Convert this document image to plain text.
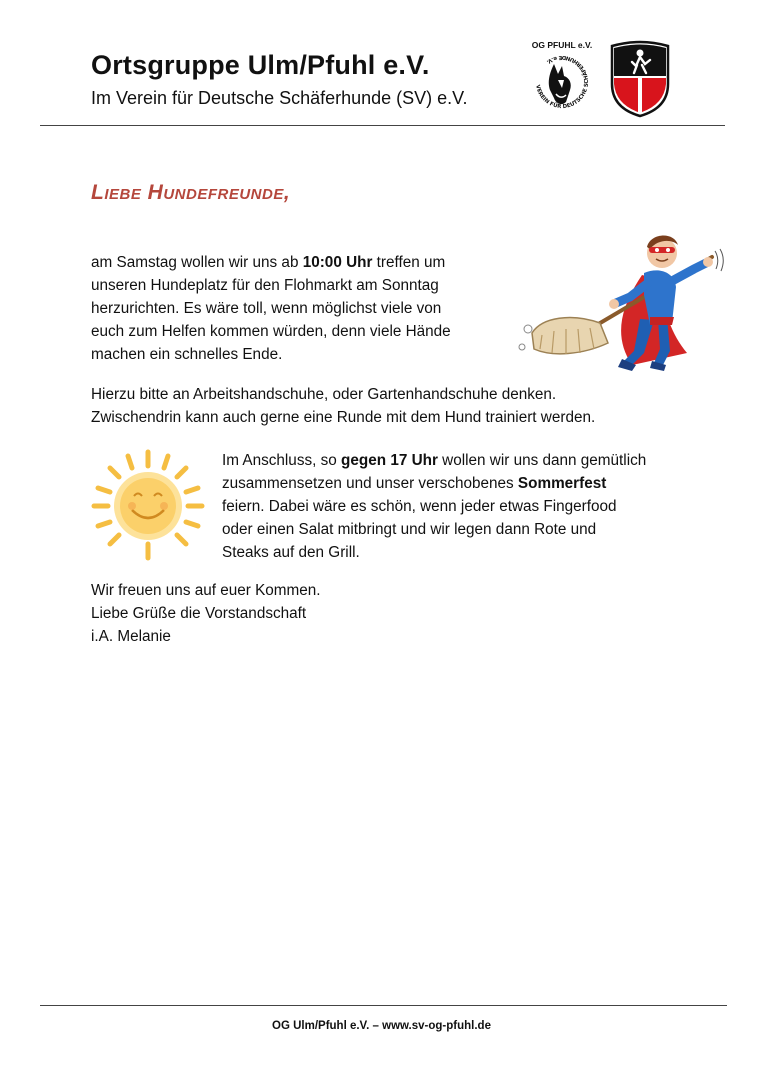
Ortsgruppe Ulm/Pfuhl e.V.
Im Verein für Deutsche Schäferhunde (SV) e.V.
OG PFUHL e.V.
VEREIN FÜR DEUTSCHE SCHÄFERHUNDE e.V.
Liebe Hundefreunde,
am Samstag wollen wir uns ab 10:00 Uhr treffen um
unseren Hundeplatz für den Flohmarkt am Sonntag
herzurichten. Es wäre toll, wenn möglichst viele von
euch zum Helfen kommen würden, denn viele Hände
machen ein schnelles Ende.
Hierzu bitte an Arbeitshandschuhe, oder Gartenhandschuhe denken.
Zwischendrin kann auch gerne eine Runde mit dem Hund trainiert werden.
Im Anschluss, so gegen 17 Uhr wollen wir uns dann gemütlich
zusammensetzen und unser verschobenes Sommerfest
feiern. Dabei wäre es schön, wenn jeder etwas Fingerfood
oder einen Salat mitbringt und wir legen dann Rote und
Steaks auf den Grill.
Wir freuen uns auf euer Kommen.
Liebe Grüße die Vorstandschaft
i.A. Melanie
OG Ulm/Pfuhl e.V. – www.sv-og-pfuhl.de
